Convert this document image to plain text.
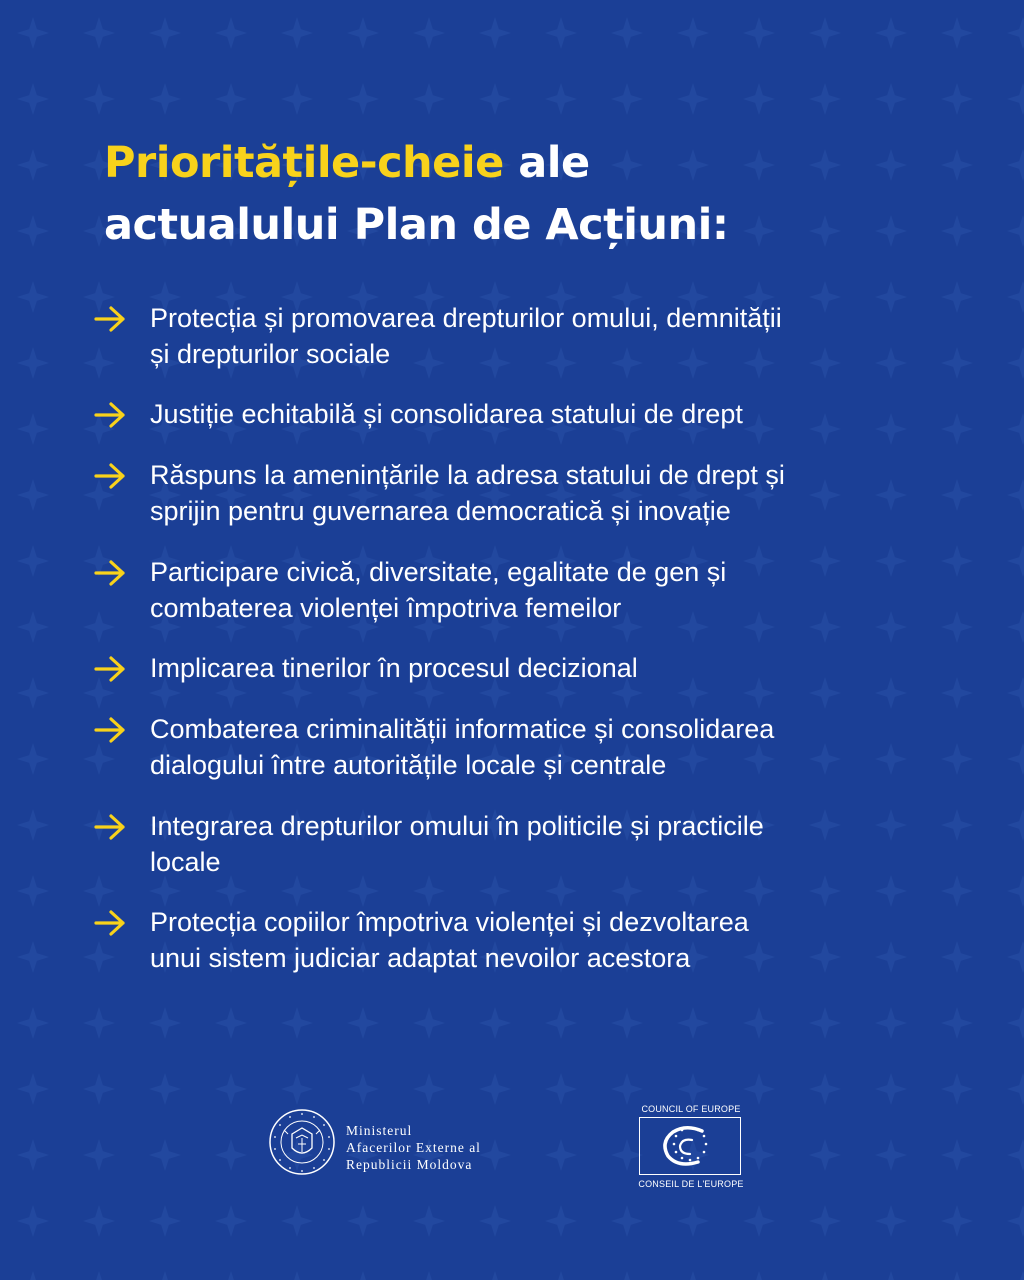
Prioritățile-cheie ale
actualului Plan de Acțiuni:
Protecția și promovarea drepturilor omului, demnității
și drepturilor sociale
Justiție echitabilă și consolidarea statului de drept
Răspuns la amenințările la adresa statului de drept și
sprijin pentru guvernarea democratică și inovație
Participare civică, diversitate, egalitate de gen și
combaterea violenței împotriva femeilor
Implicarea tinerilor în procesul decizional
Combaterea criminalității informatice și consolidarea
dialogului între autoritățile locale și centrale
Integrarea drepturilor omului în politicile și practicile
locale
Protecția copiilor împotriva violenței și dezvoltarea
unui sistem judiciar adaptat nevoilor acestora
Ministerul
Afacerilor Externe al
Republicii Moldova
COUNCIL OF EUROPE
CONSEIL DE L'EUROPE
